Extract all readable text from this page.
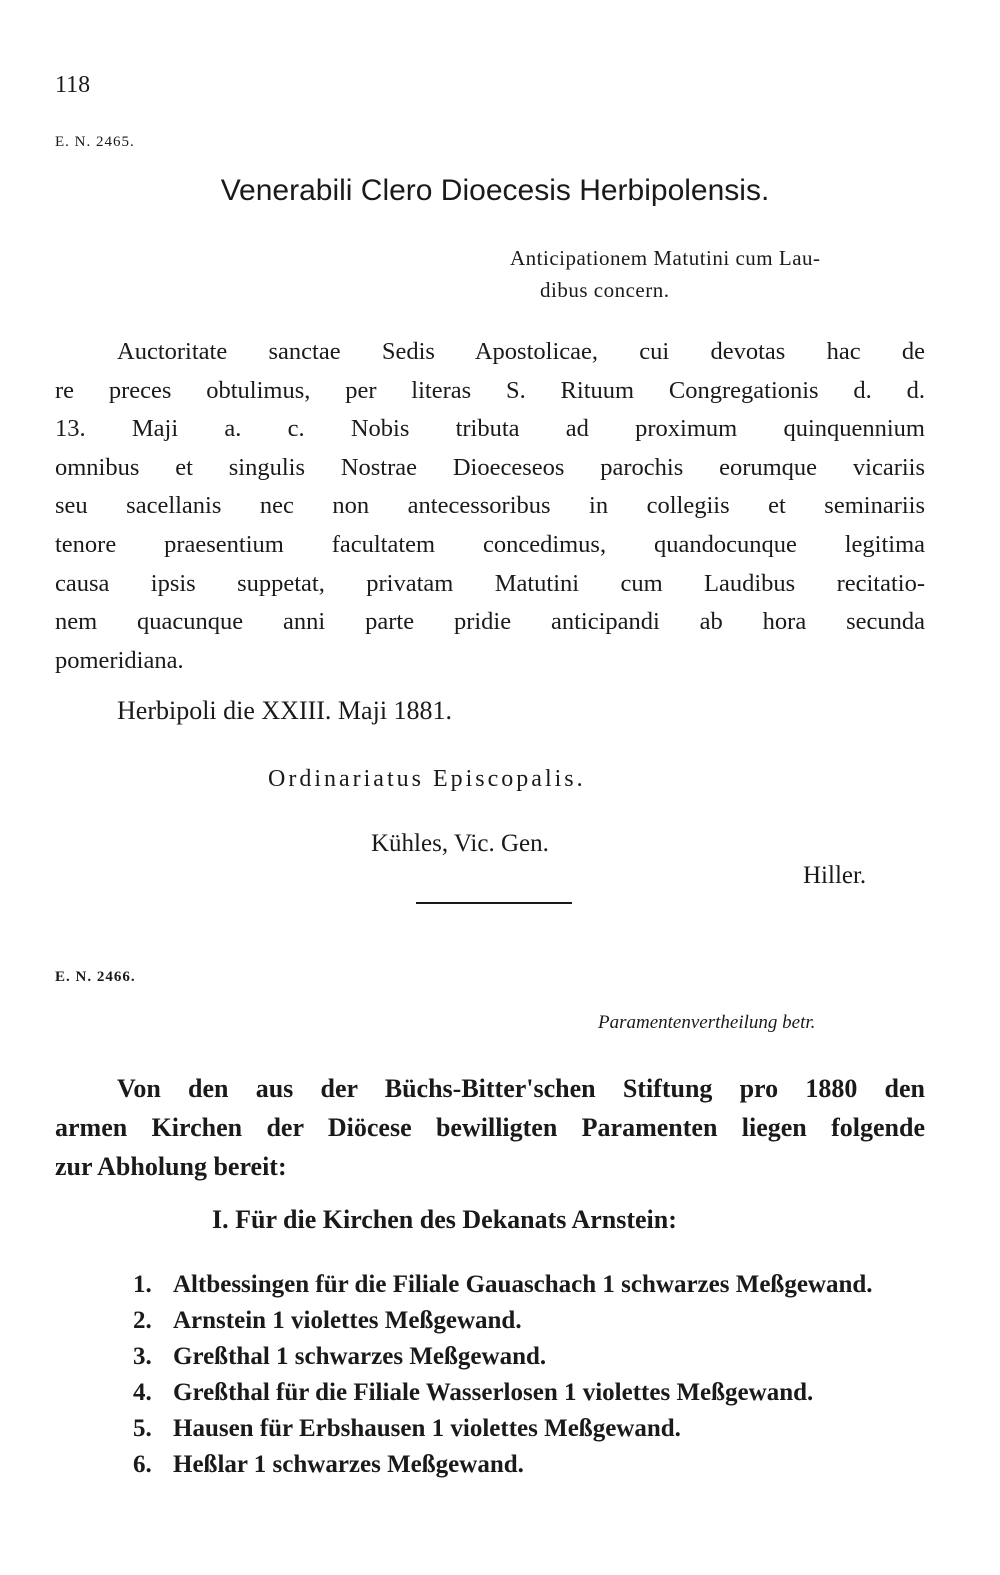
118
E. N. 2465.
Venerabili Clero Dioecesis Herbipolensis.
Anticipationem Matutini cum Lau-
dibus concern.
Auctoritate sanctae Sedis Apostolicae, cui devotas hac de
re preces obtulimus, per literas S. Rituum Congregationis d. d.
13. Maji a. c. Nobis tributa ad proximum quinquennium
omnibus et singulis Nostrae Dioeceseos parochis eorumque vicariis
seu sacellanis nec non antecessoribus in collegiis et seminariis
tenore praesentium facultatem concedimus, quandocunque legitima
causa ipsis suppetat, privatam Matutini cum Laudibus recitatio-
nem quacunque anni parte pridie anticipandi ab hora secunda
pomeridiana.
Herbipoli die XXIII. Maji 1881.
Ordinariatus Episcopalis.
Kühles, Vic. Gen.
Hiller.
E. N. 2466.
Paramentenvertheilung betr.
Von den aus der Büchs-Bitter'schen Stiftung pro 1880 den
armen Kirchen der Diöcese bewilligten Paramenten liegen folgende
zur Abholung bereit:
I. Für die Kirchen des Dekanats Arnstein:
1. Altbessingen für die Filiale Gauaschach 1 schwarzes Meßgewand.
2. Arnstein 1 violettes Meßgewand.
3. Greßthal 1 schwarzes Meßgewand.
4. Greßthal für die Filiale Wasserlosen 1 violettes Meßgewand.
5. Hausen für Erbshausen 1 violettes Meßgewand.
6. Heßlar 1 schwarzes Meßgewand.
